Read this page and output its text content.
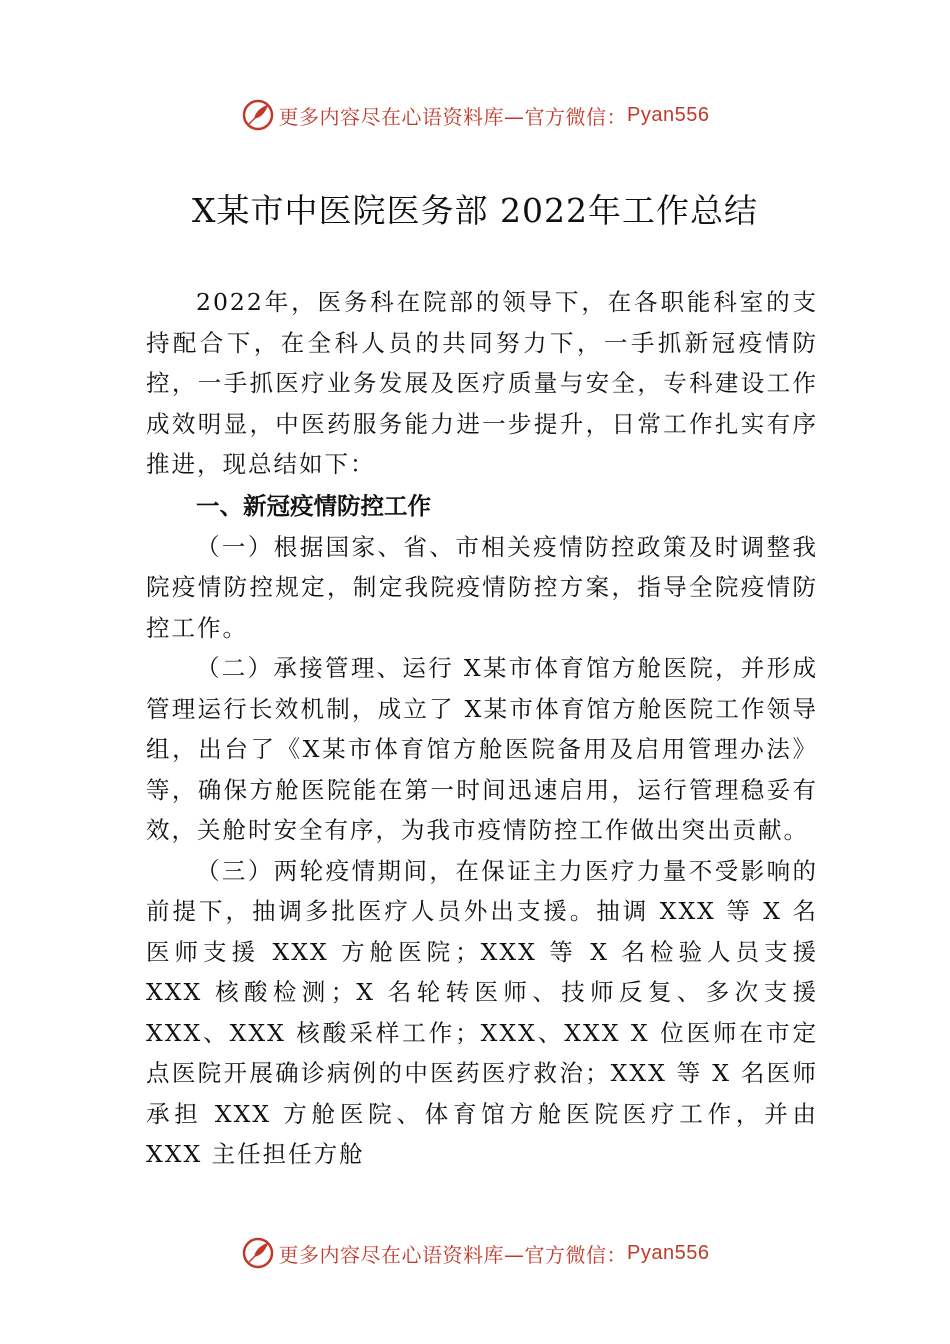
更多内容尽在心语资料库—官方微信： Pyan556
X某市中医院医务部 2022年工作总结

2022年，医务科在院部的领导下，在各职能科室的支持配合下，在全科人员的共同努力下，一手抓新冠疫情防控，一手抓医疗业务发展及医疗质量与安全，专科建设工作成效明显，中医药服务能力进一步提升，日常工作扎实有序推进，现总结如下：

一、新冠疫情防控工作

（一）根据国家、省、市相关疫情防控政策及时调整我院疫情防控规定，制定我院疫情防控方案，指导全院疫情防控工作。

（二）承接管理、运行 X某市体育馆方舱医院，并形成管理运行长效机制，成立了 X某市体育馆方舱医院工作领导组，出台了《X某市体育馆方舱医院备用及启用管理办法》等，确保方舱医院能在第一时间迅速启用，运行管理稳妥有效，关舱时安全有序，为我市疫情防控工作做出突出贡献。

（三）两轮疫情期间，在保证主力医疗力量不受影响的前提下，抽调多批医疗人员外出支援。抽调 XXX 等 X 名医师支援 XXX 方舱医院；XXX 等 X 名检验人员支援 XXX 核酸检测；X 名轮转医师、技师反复、多次支援 XXX、XXX 核酸采样工作；XXX、XXX X 位医师在市定点医院开展确诊病例的中医药医疗救治；XXX 等 X 名医师承担 XXX 方舱医院、体育馆方舱医院医疗工作，并由 XXX 主任担任方舱

更多内容尽在心语资料库—官方微信： Pyan556
